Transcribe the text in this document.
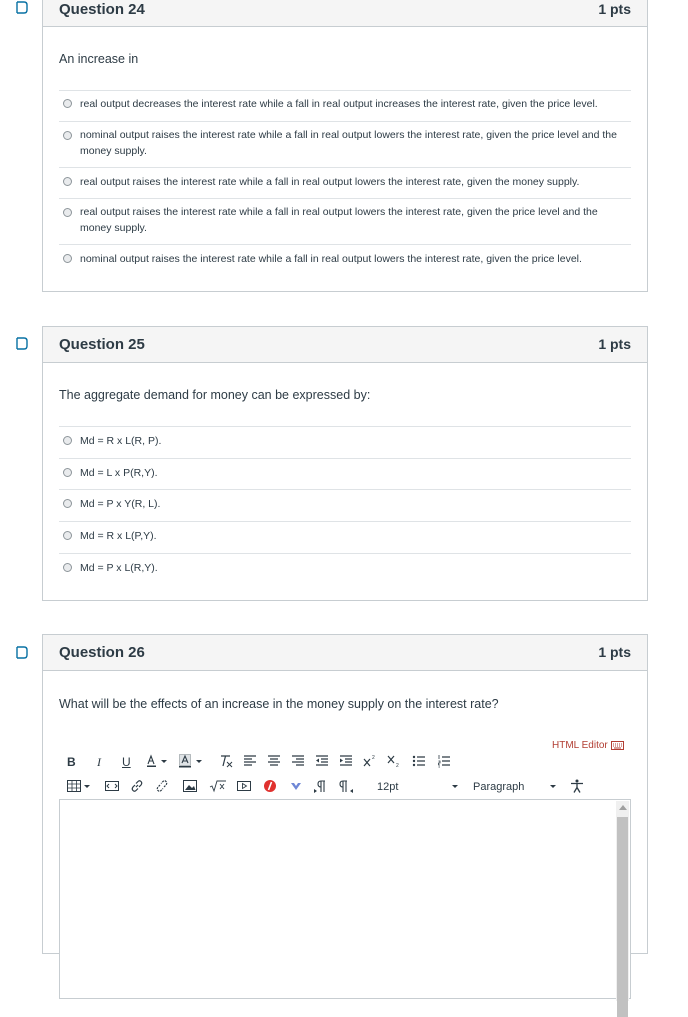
Question 24	1 pts
An increase in
real output decreases the interest rate while a fall in real output increases the interest rate, given the price level.
nominal output raises the interest rate while a fall in real output lowers the interest rate, given the price level and the money supply.
real output raises the interest rate while a fall in real output lowers the interest rate, given the money supply.
real output raises the interest rate while a fall in real output lowers the interest rate, given the price level and the money supply.
nominal output raises the interest rate while a fall in real output lowers the interest rate, given the price level.
Question 25	1 pts
The aggregate demand for money can be expressed by:
Md = R x L(R, P).
Md = L x P(R,Y).
Md = P x Y(R, L).
Md = R x L(P,Y).
Md = P x L(R,Y).
Question 26	1 pts
What will be the effects of an increase in the money supply on the interest rate?
HTML Editor
B I U	2
2
12pt	Paragraph
